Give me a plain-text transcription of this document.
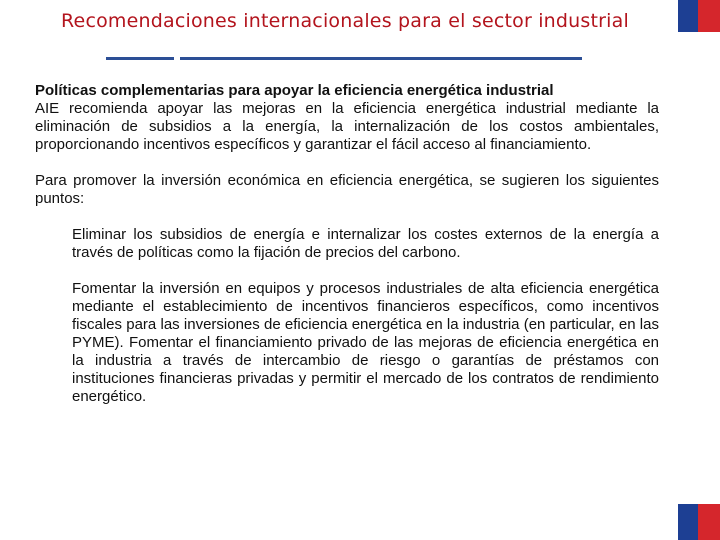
Recomendaciones internacionales para el sector industrial
Políticas complementarias para apoyar la eficiencia energética industrial
AIE recomienda apoyar las mejoras en la eficiencia energética industrial mediante la eliminación de subsidios a la energía, la internalización de los costos ambientales, proporcionando incentivos específicos y garantizar el fácil acceso al financiamiento.
Para promover la inversión económica en eficiencia energética, se sugieren los siguientes puntos:
Eliminar los subsidios de energía e internalizar los costes externos de la energía a través de políticas como la fijación de precios del carbono.
Fomentar la inversión en equipos y procesos industriales de alta eficiencia energética mediante el establecimiento de incentivos financieros específicos, como incentivos fiscales para las inversiones de eficiencia energética en la industria (en particular, en las PYME). Fomentar el financiamiento privado de las mejoras de eficiencia energética en la industria a través de intercambio de riesgo o garantías de préstamos con instituciones financieras privadas y permitir el mercado de los contratos de rendimiento energético.
